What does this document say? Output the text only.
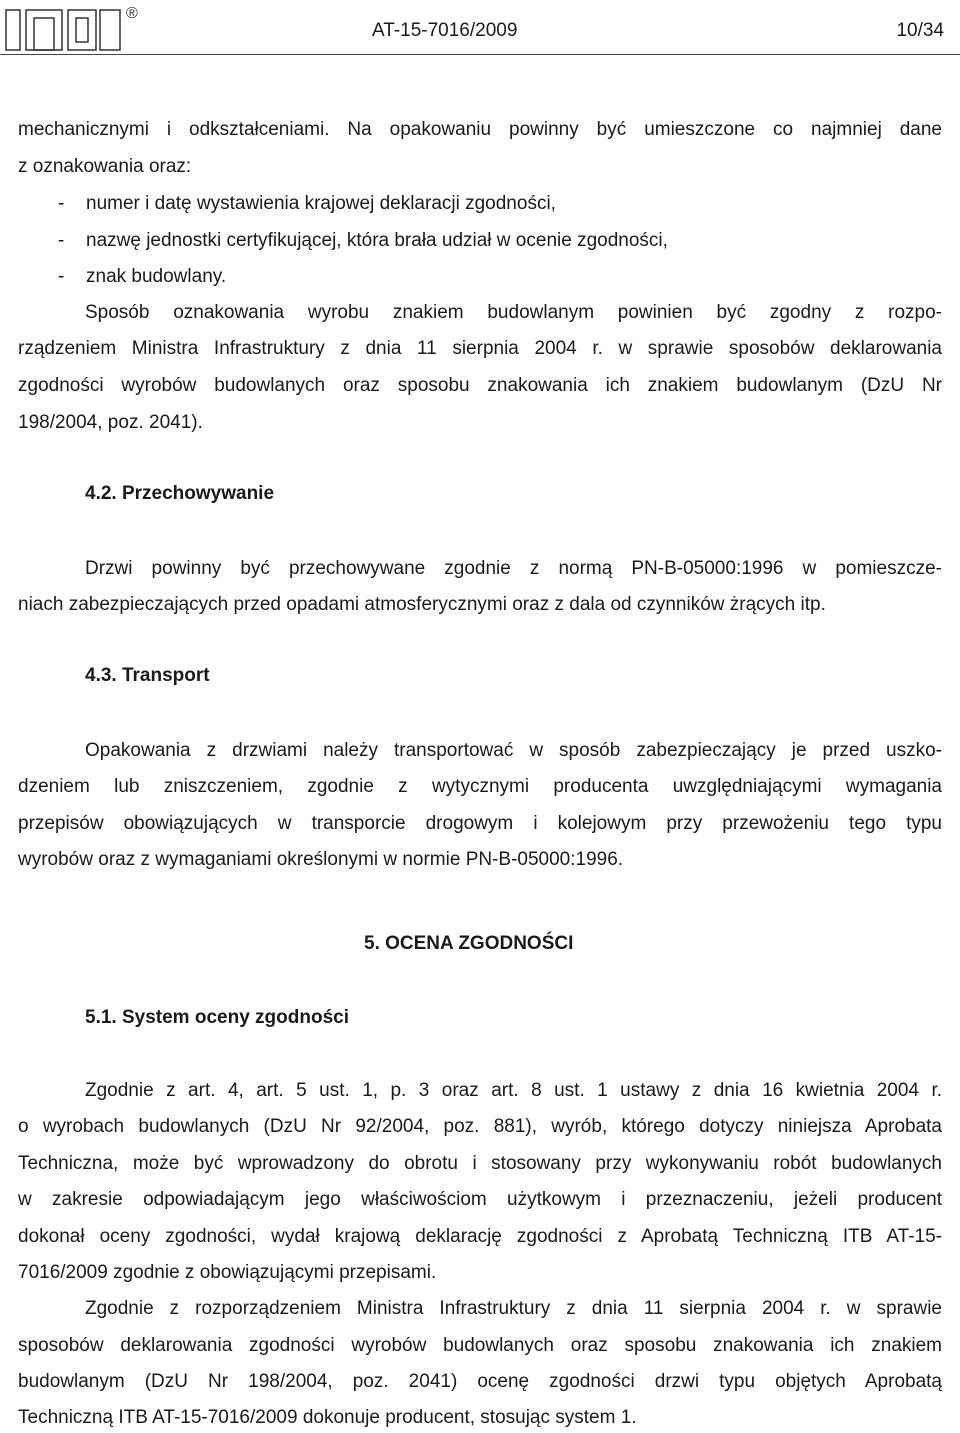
®
AT-15-7016/2009	10/34
mechanicznymi i odkształceniami. Na opakowaniu powinny być umieszczone co najmniej dane
z oznakowania oraz:
- numer i datę wystawienia krajowej deklaracji zgodności,
- nazwę jednostki certyfikującej, która brała udział w ocenie zgodności,
- znak budowlany.
Sposób oznakowania wyrobu znakiem budowlanym powinien być zgodny z rozpo-
rządzeniem Ministra Infrastruktury z dnia 11 sierpnia 2004 r. w sprawie sposobów deklarowania
zgodności wyrobów budowlanych oraz sposobu znakowania ich znakiem budowlanym (DzU Nr
198/2004, poz. 2041).
4.2. Przechowywanie
Drzwi powinny być przechowywane zgodnie z normą PN-B-05000:1996 w pomieszcze-
niach zabezpieczających przed opadami atmosferycznymi oraz z dala od czynników żrących itp.
4.3. Transport
Opakowania z drzwiami należy transportować w sposób zabezpieczający je przed uszko-
dzeniem lub zniszczeniem, zgodnie z wytycznymi producenta uwzględniającymi wymagania
przepisów obowiązujących w transporcie drogowym i kolejowym przy przewożeniu tego typu
wyrobów oraz z wymaganiami określonymi w normie PN-B-05000:1996.
5. OCENA ZGODNOŚCI
5.1. System oceny zgodności
Zgodnie z art. 4, art. 5 ust. 1, p. 3 oraz art. 8 ust. 1 ustawy z dnia 16 kwietnia 2004 r.
o wyrobach budowlanych (DzU Nr 92/2004, poz. 881), wyrób, którego dotyczy niniejsza Aprobata
Techniczna, może być wprowadzony do obrotu i stosowany przy wykonywaniu robót budowlanych
w zakresie odpowiadającym jego właściwościom użytkowym i przeznaczeniu, jeżeli producent
dokonał oceny zgodności, wydał krajową deklarację zgodności z Aprobatą Techniczną ITB AT-15-
7016/2009 zgodnie z obowiązującymi przepisami.
Zgodnie z rozporządzeniem Ministra Infrastruktury z dnia 11 sierpnia 2004 r. w sprawie
sposobów deklarowania zgodności wyrobów budowlanych oraz sposobu znakowania ich znakiem
budowlanym (DzU Nr 198/2004, poz. 2041) ocenę zgodności drzwi typu objętych Aprobatą
Techniczną ITB AT-15-7016/2009 dokonuje producent, stosując system 1.
